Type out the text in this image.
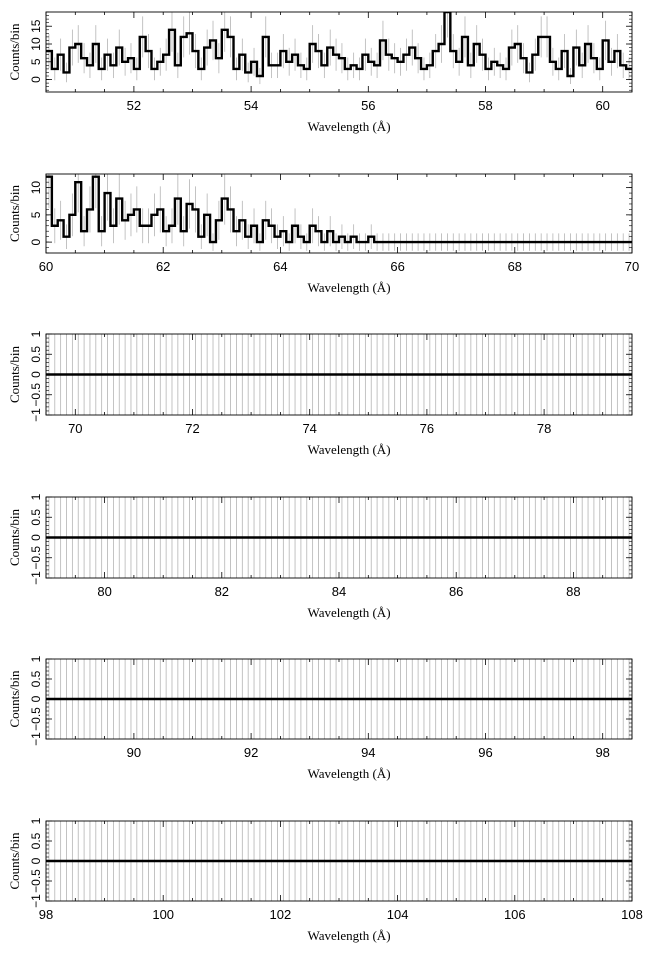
52	54	56	58	60
0
5
10
15
Wavelength (Å)
Counts/bin
60	62	64	66	68	70
0
5
10
Wavelength (Å)
Counts/bin
70	72	74	76	78
−1
−0.5
0
0.5
1
Wavelength (Å)
Counts/bin
80	82	84	86	88
−1
−0.5
0
0.5
1
Wavelength (Å)
Counts/bin
90	92	94	96	98
−1
−0.5
0
0.5
1
Wavelength (Å)
Counts/bin
98	100	102	104	106	108
−1
−0.5
0
0.5
1
Wavelength (Å)
Counts/bin
